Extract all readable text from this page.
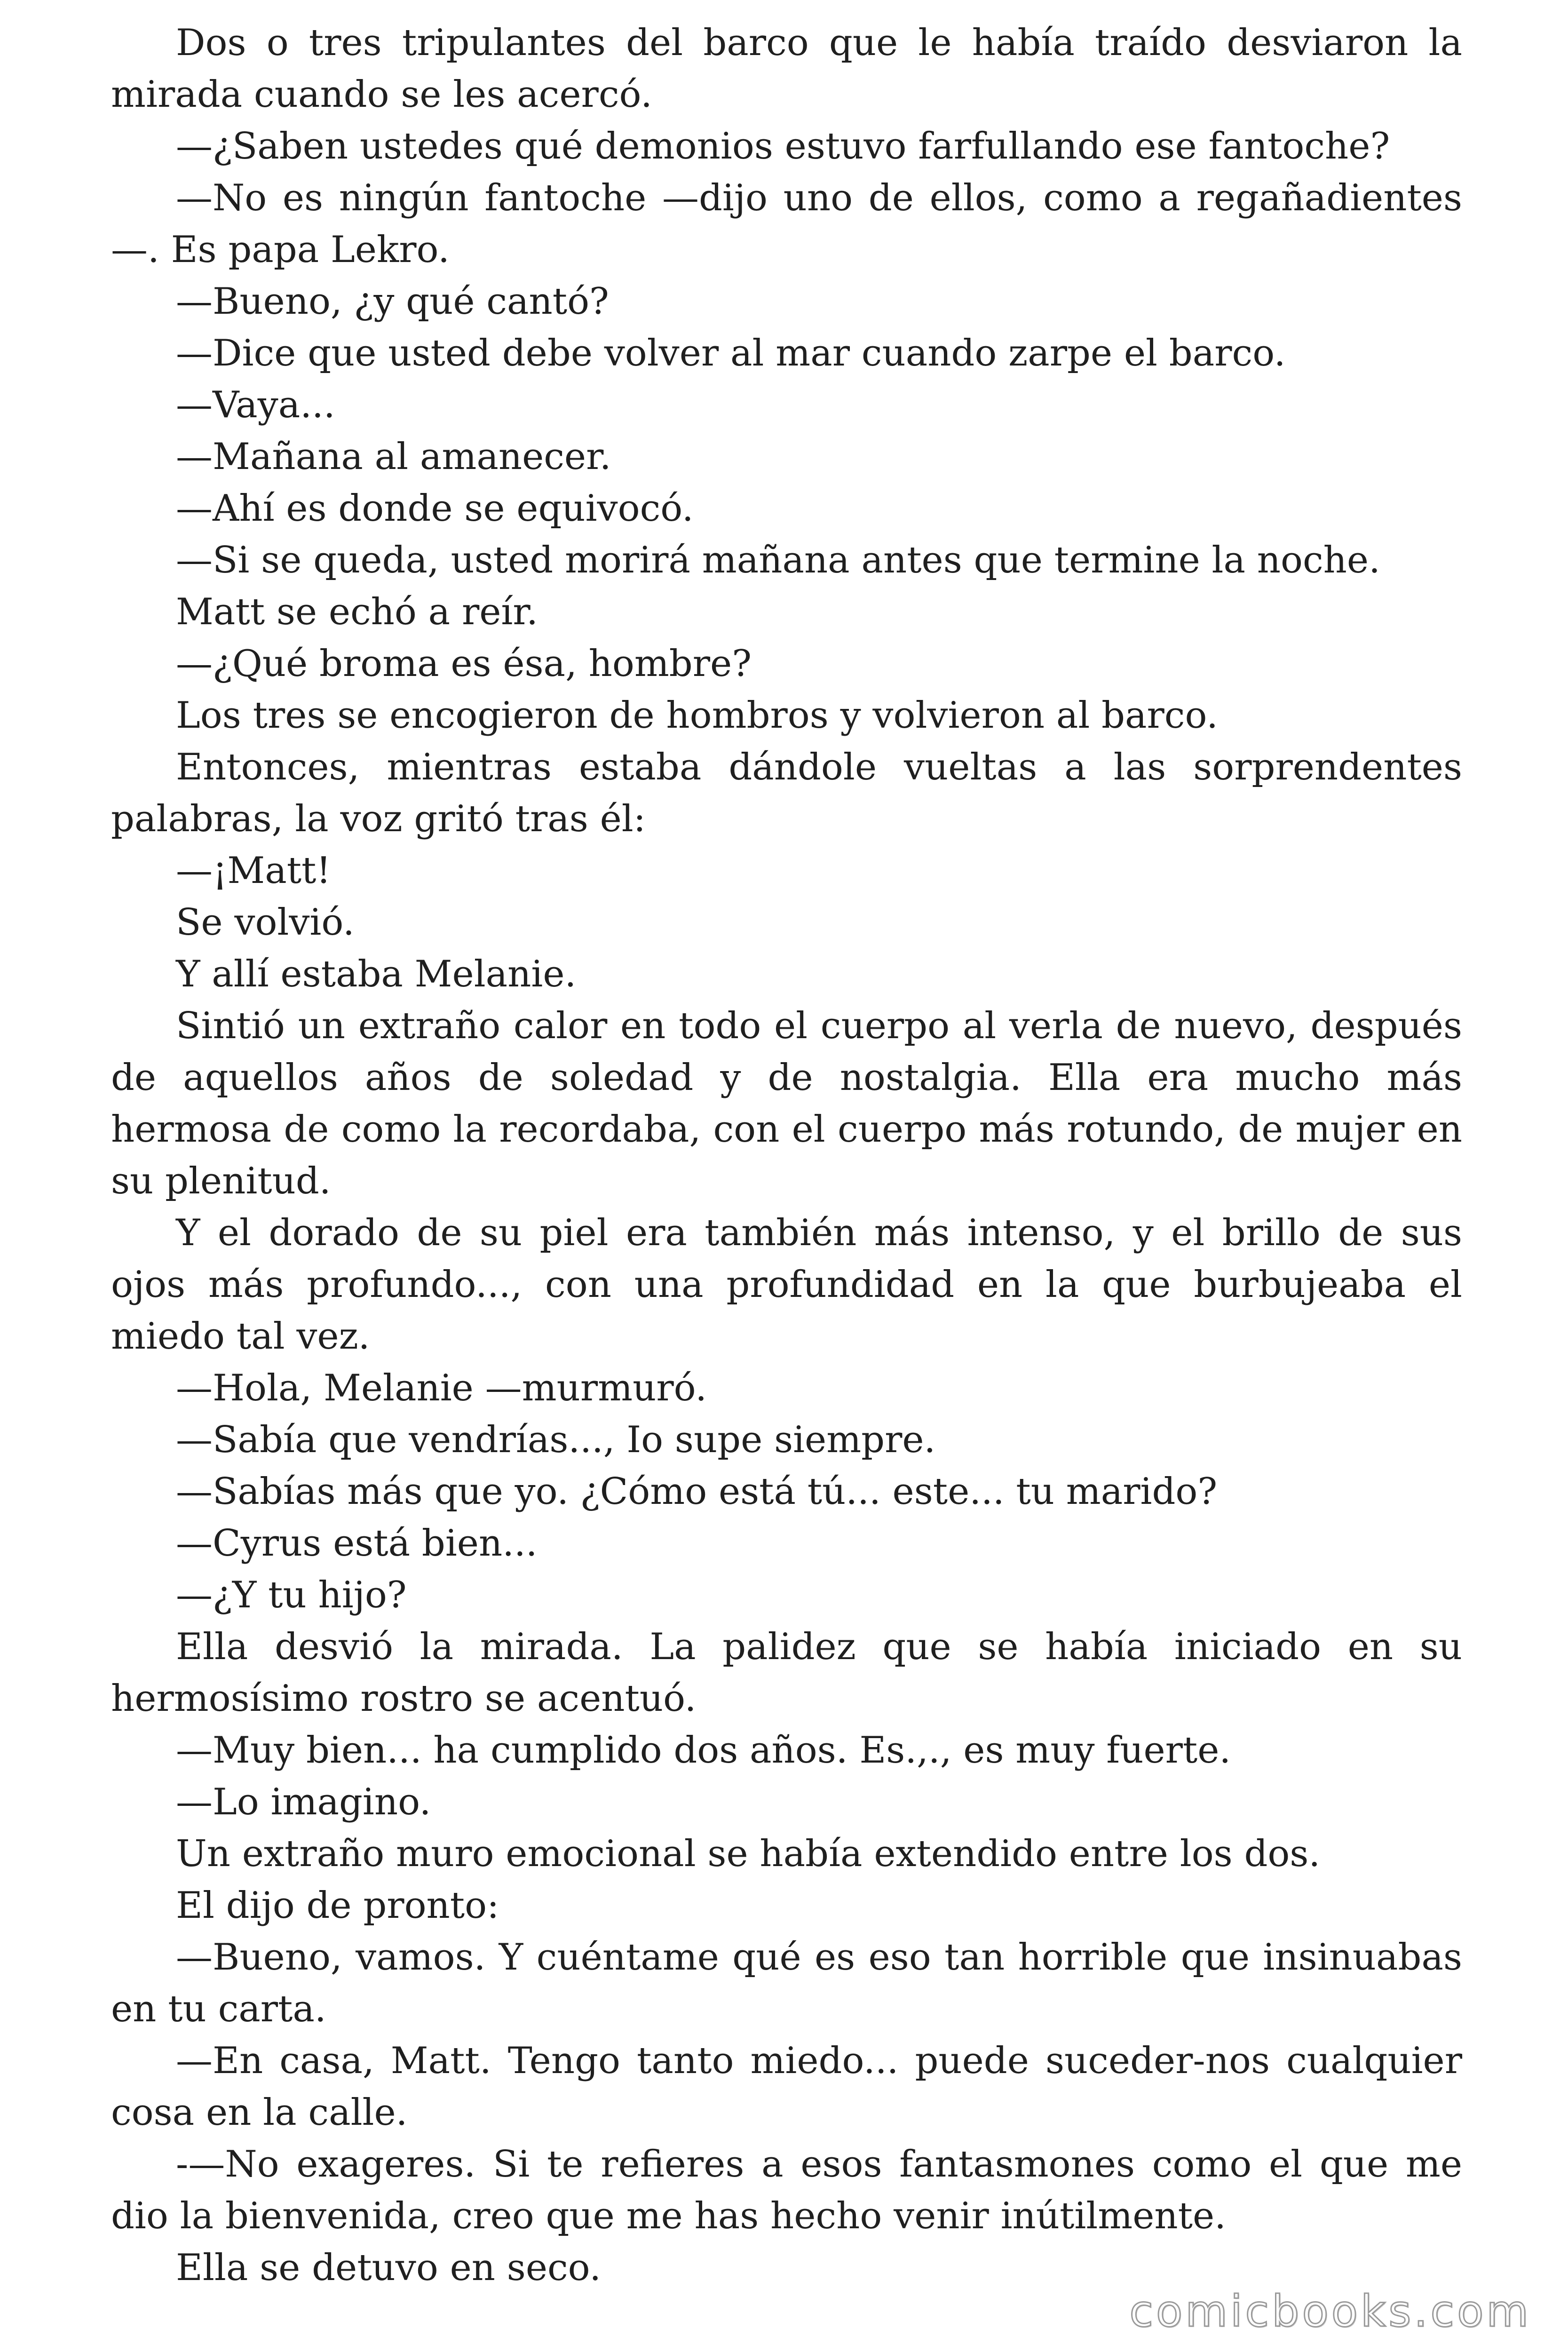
Dos o tres tripulantes del barco que le había traído desviaron la mirada cuando se les acercó.

—¿Saben ustedes qué demonios estuvo farfullando ese fantoche?

—No es ningún fantoche —dijo uno de ellos, como a regañadientes—. Es papa Lekro.

—Bueno, ¿y qué cantó?

—Dice que usted debe volver al mar cuando zarpe el barco.

—Vaya...

—Mañana al amanecer.

—Ahí es donde se equivocó.

—Si se queda, usted morirá mañana antes que termine la noche.

Matt se echó a reír.

—¿Qué broma es ésa, hombre?

Los tres se encogieron de hombros y volvieron al barco.

Entonces, mientras estaba dándole vueltas a las sorprendentes palabras, la voz gritó tras él:

—¡Matt!

Se volvió.

Y allí estaba Melanie.

Sintió un extraño calor en todo el cuerpo al verla de nuevo, después de aquellos años de soledad y de nostalgia. Ella era mucho más hermosa de como la recordaba, con el cuerpo más rotundo, de mujer en su plenitud.

Y el dorado de su piel era también más intenso, y el brillo de sus ojos más profundo..., con una profundidad en la que burbujeaba el miedo tal vez.

—Hola, Melanie —murmuró.

—Sabía que vendrías..., Io supe siempre.

—Sabías más que yo. ¿Cómo está tú... este... tu marido?

—Cyrus está bien...

—¿Y tu hijo?

Ella desvió la mirada. La palidez que se había iniciado en su hermosísimo rostro se acentuó.

—Muy bien... ha cumplido dos años. Es.,., es muy fuerte.

—Lo imagino.

Un extraño muro emocional se había extendido entre los dos.

El dijo de pronto:

—Bueno, vamos. Y cuéntame qué es eso tan horrible que insinuabas en tu carta.

—En casa, Matt. Tengo tanto miedo... puede suceder-nos cualquier cosa en la calle.

-—No exageres. Si te refieres a esos fantasmones como el que me dio la bienvenida, creo que me has hecho venir inútilmente.

Ella se detuvo en seco.

comicbooks.com
